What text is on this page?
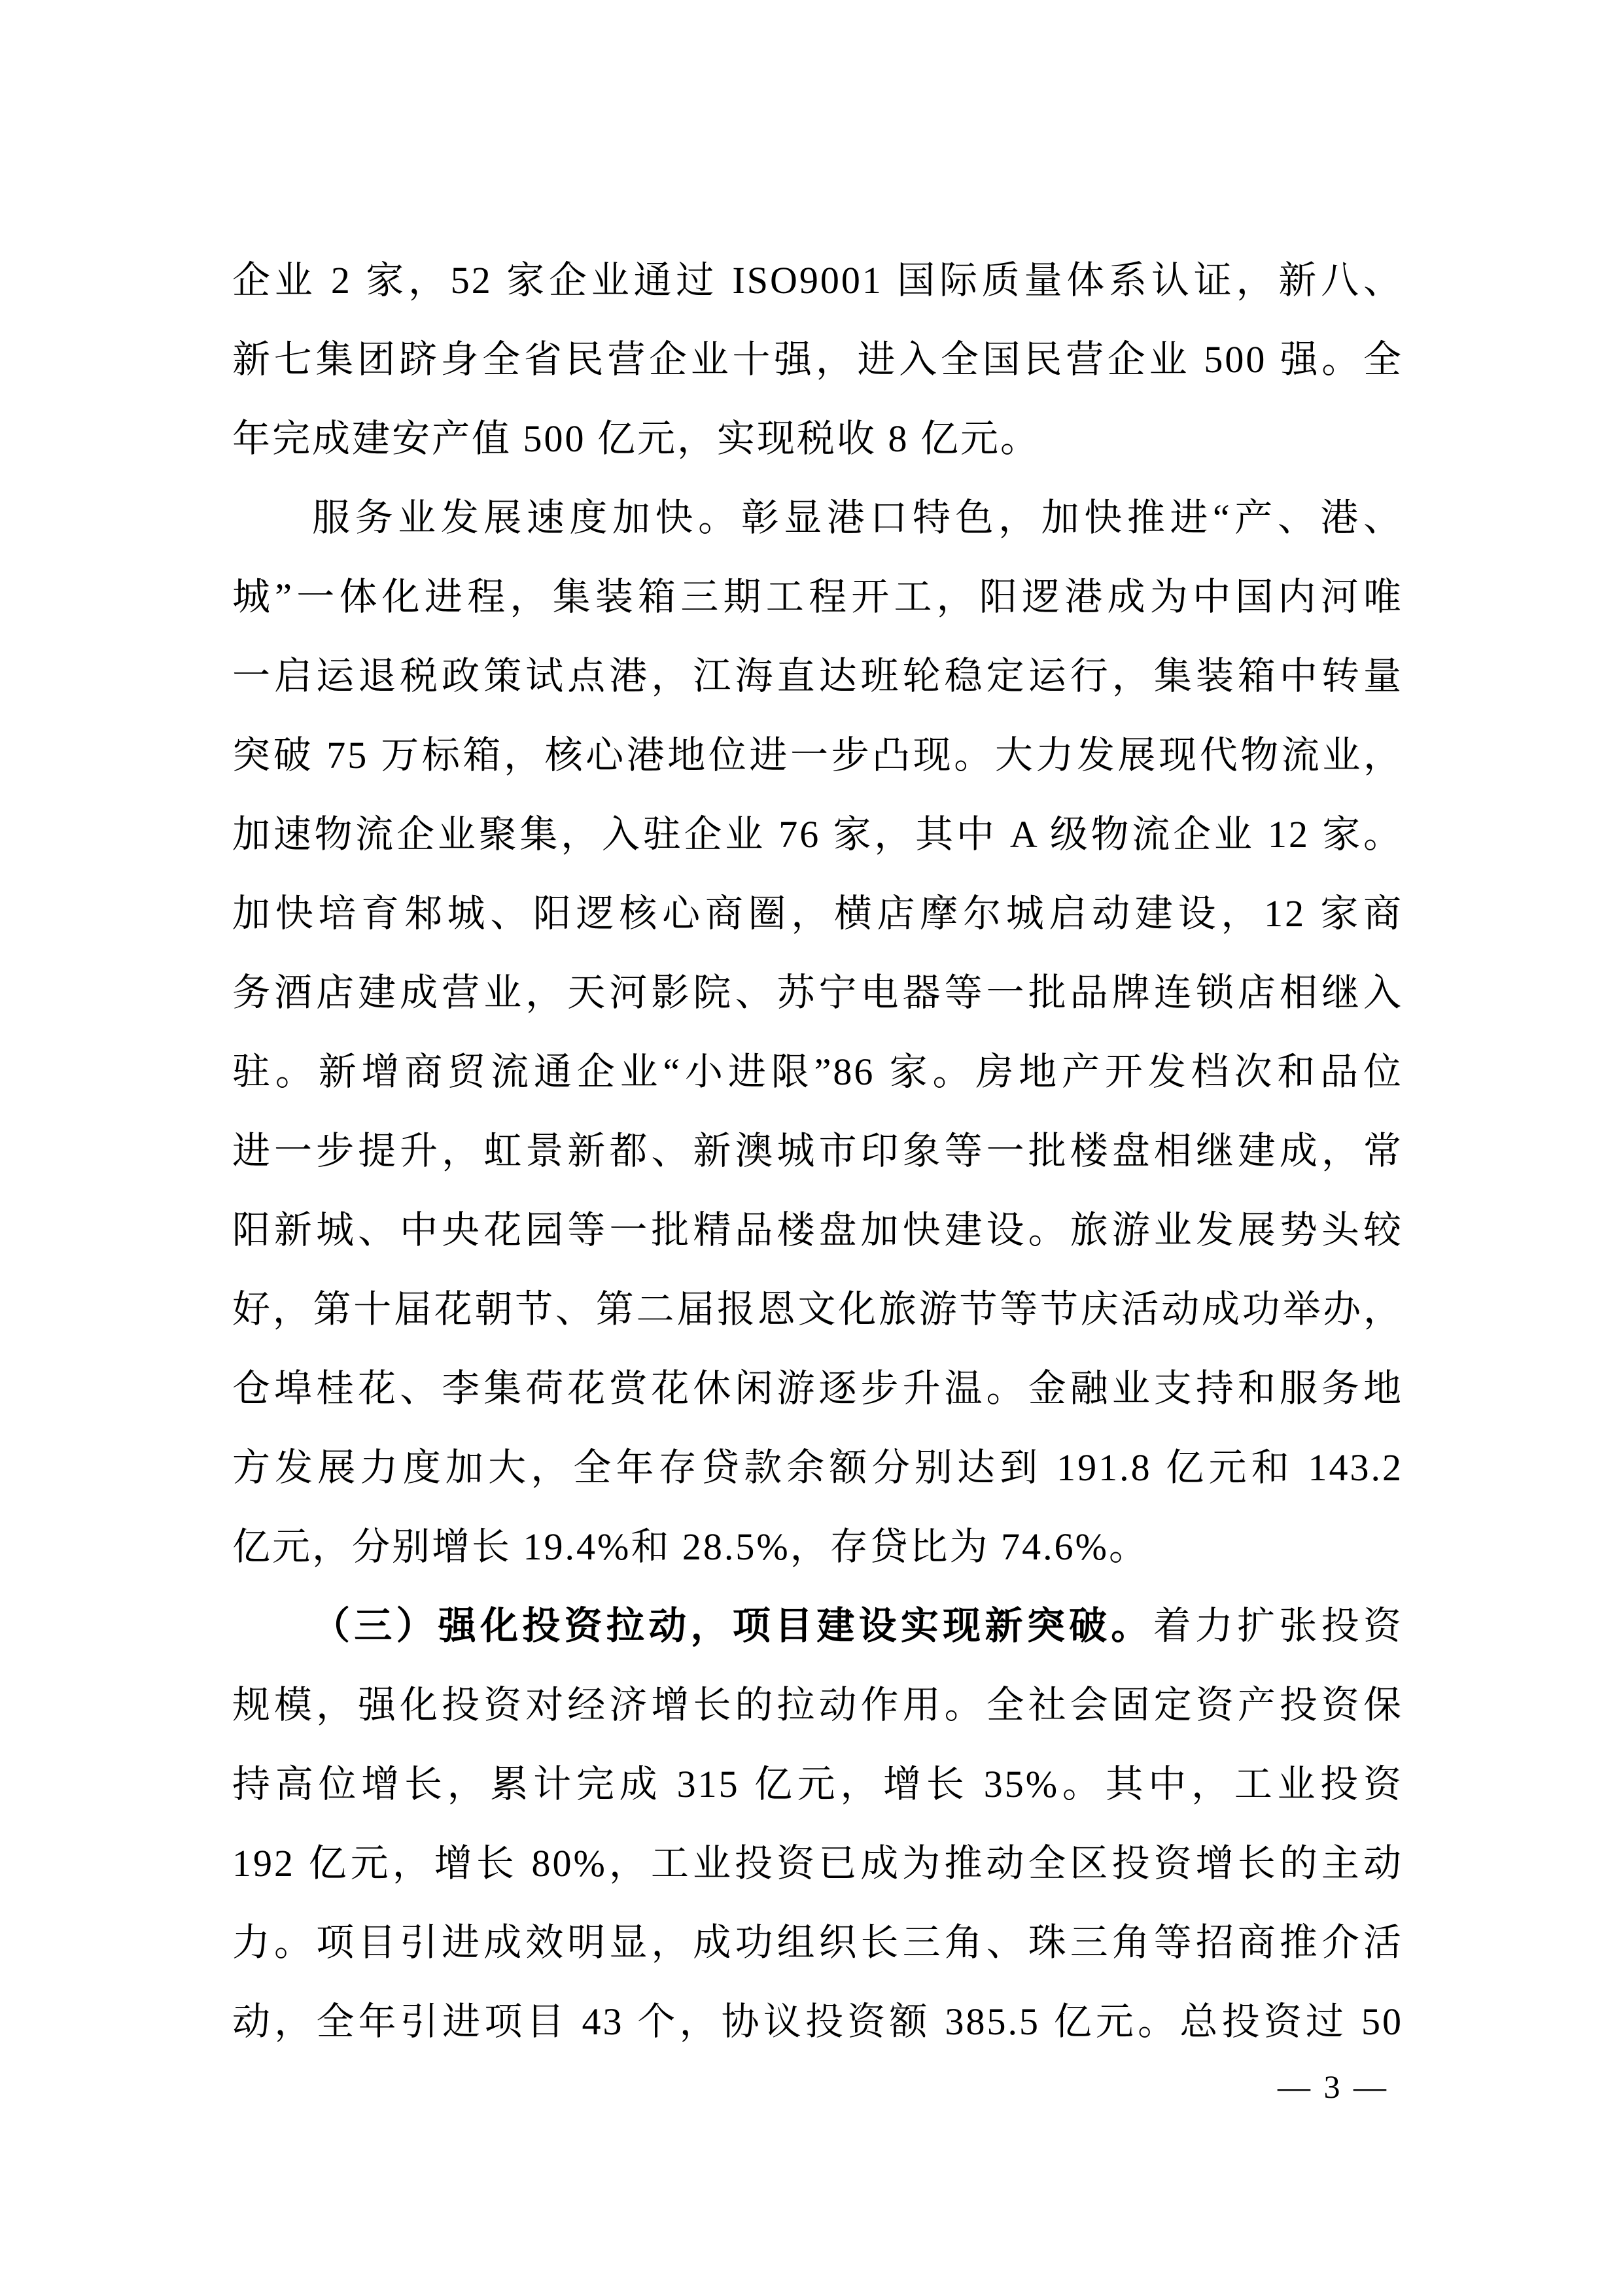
企业 2 家，52 家企业通过 ISO9001 国际质量体系认证，新八、
新七集团跻身全省民营企业十强，进入全国民营企业 500 强。全
年完成建安产值 500 亿元，实现税收 8 亿元。
服务业发展速度加快。彰显港口特色，加快推进“产、港、
城”一体化进程，集装箱三期工程开工，阳逻港成为中国内河唯
一启运退税政策试点港，江海直达班轮稳定运行，集装箱中转量
突破 75 万标箱，核心港地位进一步凸现。大力发展现代物流业，
加速物流企业聚集，入驻企业 76 家，其中 A 级物流企业 12 家。
加快培育邾城、阳逻核心商圈，横店摩尔城启动建设，12 家商
务酒店建成营业，天河影院、苏宁电器等一批品牌连锁店相继入
驻。新增商贸流通企业“小进限”86 家。房地产开发档次和品位
进一步提升，虹景新都、新澳城市印象等一批楼盘相继建成，常
阳新城、中央花园等一批精品楼盘加快建设。旅游业发展势头较
好，第十届花朝节、第二届报恩文化旅游节等节庆活动成功举办，
仓埠桂花、李集荷花赏花休闲游逐步升温。金融业支持和服务地
方发展力度加大，全年存贷款余额分别达到 191.8 亿元和 143.2
亿元，分别增长 19.4%和 28.5%，存贷比为 74.6%。
（三）强化投资拉动，项目建设实现新突破。着力扩张投资
规模，强化投资对经济增长的拉动作用。全社会固定资产投资保
持高位增长，累计完成 315 亿元，增长 35%。其中，工业投资
192 亿元，增长 80%，工业投资已成为推动全区投资增长的主动
力。项目引进成效明显，成功组织长三角、珠三角等招商推介活
动，全年引进项目 43 个，协议投资额 385.5 亿元。总投资过 50
— 3 —
